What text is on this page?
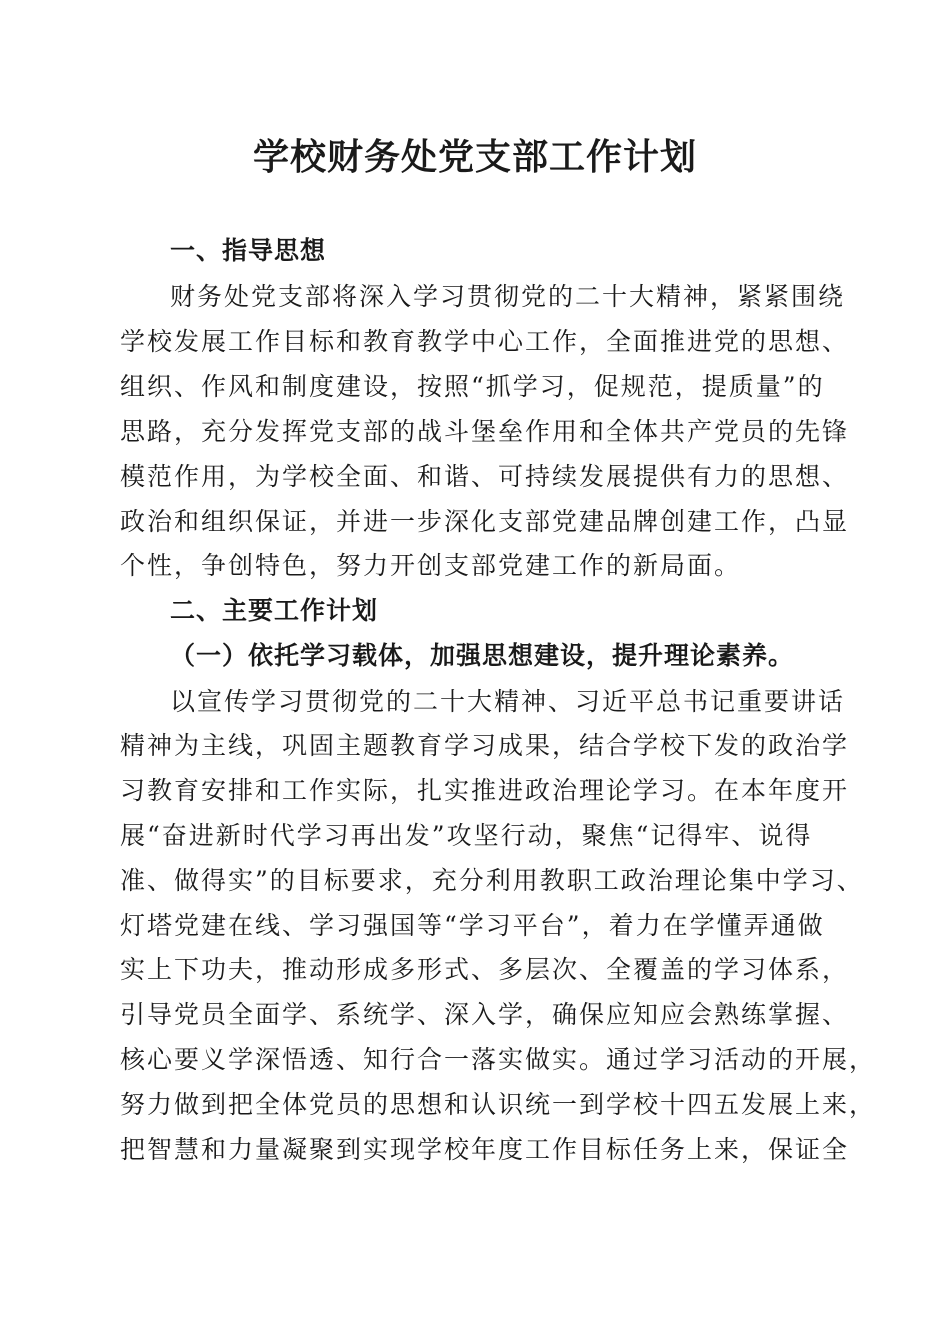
学校财务处党支部工作计划
一、指导思想
财务处党支部将深入学习贯彻党的二十大精神，紧紧围绕
学校发展工作目标和教育教学中心工作，全面推进党的思想、
组织、作风和制度建设，按照“抓学习，促规范，提质量”的
思路，充分发挥党支部的战斗堡垒作用和全体共产党员的先锋
模范作用，为学校全面、和谐、可持续发展提供有力的思想、
政治和组织保证，并进一步深化支部党建品牌创建工作，凸显
个性，争创特色，努力开创支部党建工作的新局面。
二、主要工作计划
（一）依托学习载体，加强思想建设，提升理论素养。
以宣传学习贯彻党的二十大精神、习近平总书记重要讲话
精神为主线，巩固主题教育学习成果，结合学校下发的政治学
习教育安排和工作实际，扎实推进政治理论学习。在本年度开
展“奋进新时代学习再出发”攻坚行动，聚焦“记得牢、说得
准、做得实”的目标要求，充分利用教职工政治理论集中学习、
灯塔党建在线、学习强国等“学习平台”，着力在学懂弄通做
实上下功夫，推动形成多形式、多层次、全覆盖的学习体系，
引导党员全面学、系统学、深入学，确保应知应会熟练掌握、
核心要义学深悟透、知行合一落实做实。通过学习活动的开展，
努力做到把全体党员的思想和认识统一到学校十四五发展上来，
把智慧和力量凝聚到实现学校年度工作目标任务上来，保证全
